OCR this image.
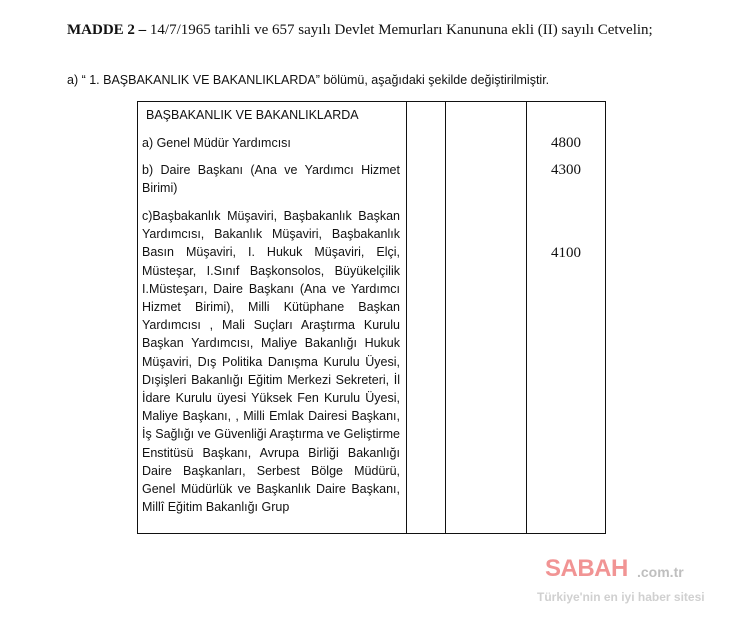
MADDE 2 – 14/7/1965 tarihli ve 657 sayılı Devlet Memurları Kanununa ekli (II) sayılı Cetvelin;
a) “ 1. BAŞBAKANLIK VE BAKANLIKLARDA” bölümü, aşağıdaki şekilde değiştirilmiştir.
BAŞBAKANLIK VE BAKANLIKLARDA
a) Genel Müdür Yardımcısı	4800
b) Daire Başkanı (Ana ve Yardımcı Hizmet Birimi)
4300
c)Başbakanlık Müşaviri, Başbakanlık Başkan Yardımcısı, Bakanlık Müşaviri, Başbakanlık Basın Müşaviri, I. Hukuk Müşaviri, Elçi, Müsteşar, I.Sınıf Başkonsolos, Büyükelçilik I.Müsteşarı, Daire Başkanı (Ana ve Yardımcı Hizmet Birimi), Milli Kütüphane Başkan Yardımcısı , Mali Suçları Araştırma Kurulu Başkan Yardımcısı, Maliye Bakanlığı Hukuk Müşaviri, Dış Politika Danışma Kurulu Üyesi, Dışişleri Bakanlığı Eğitim Merkezi Sekreteri, İl İdare Kurulu üyesi Yüksek Fen Kurulu Üyesi, Maliye Başkanı, , Milli Emlak Dairesi Başkanı, İş Sağlığı ve Güvenliği Araştırma ve Geliştirme Enstitüsü Başkanı, Avrupa Birliği Bakanlığı Daire Başkanları, Serbest Bölge Müdürü, Genel Müdürlük ve Başkanlık Daire Başkanı, Millî Eğitim Bakanlığı Grup
4100
SABAH .com.tr
Türkiye'nin en iyi haber sitesi
